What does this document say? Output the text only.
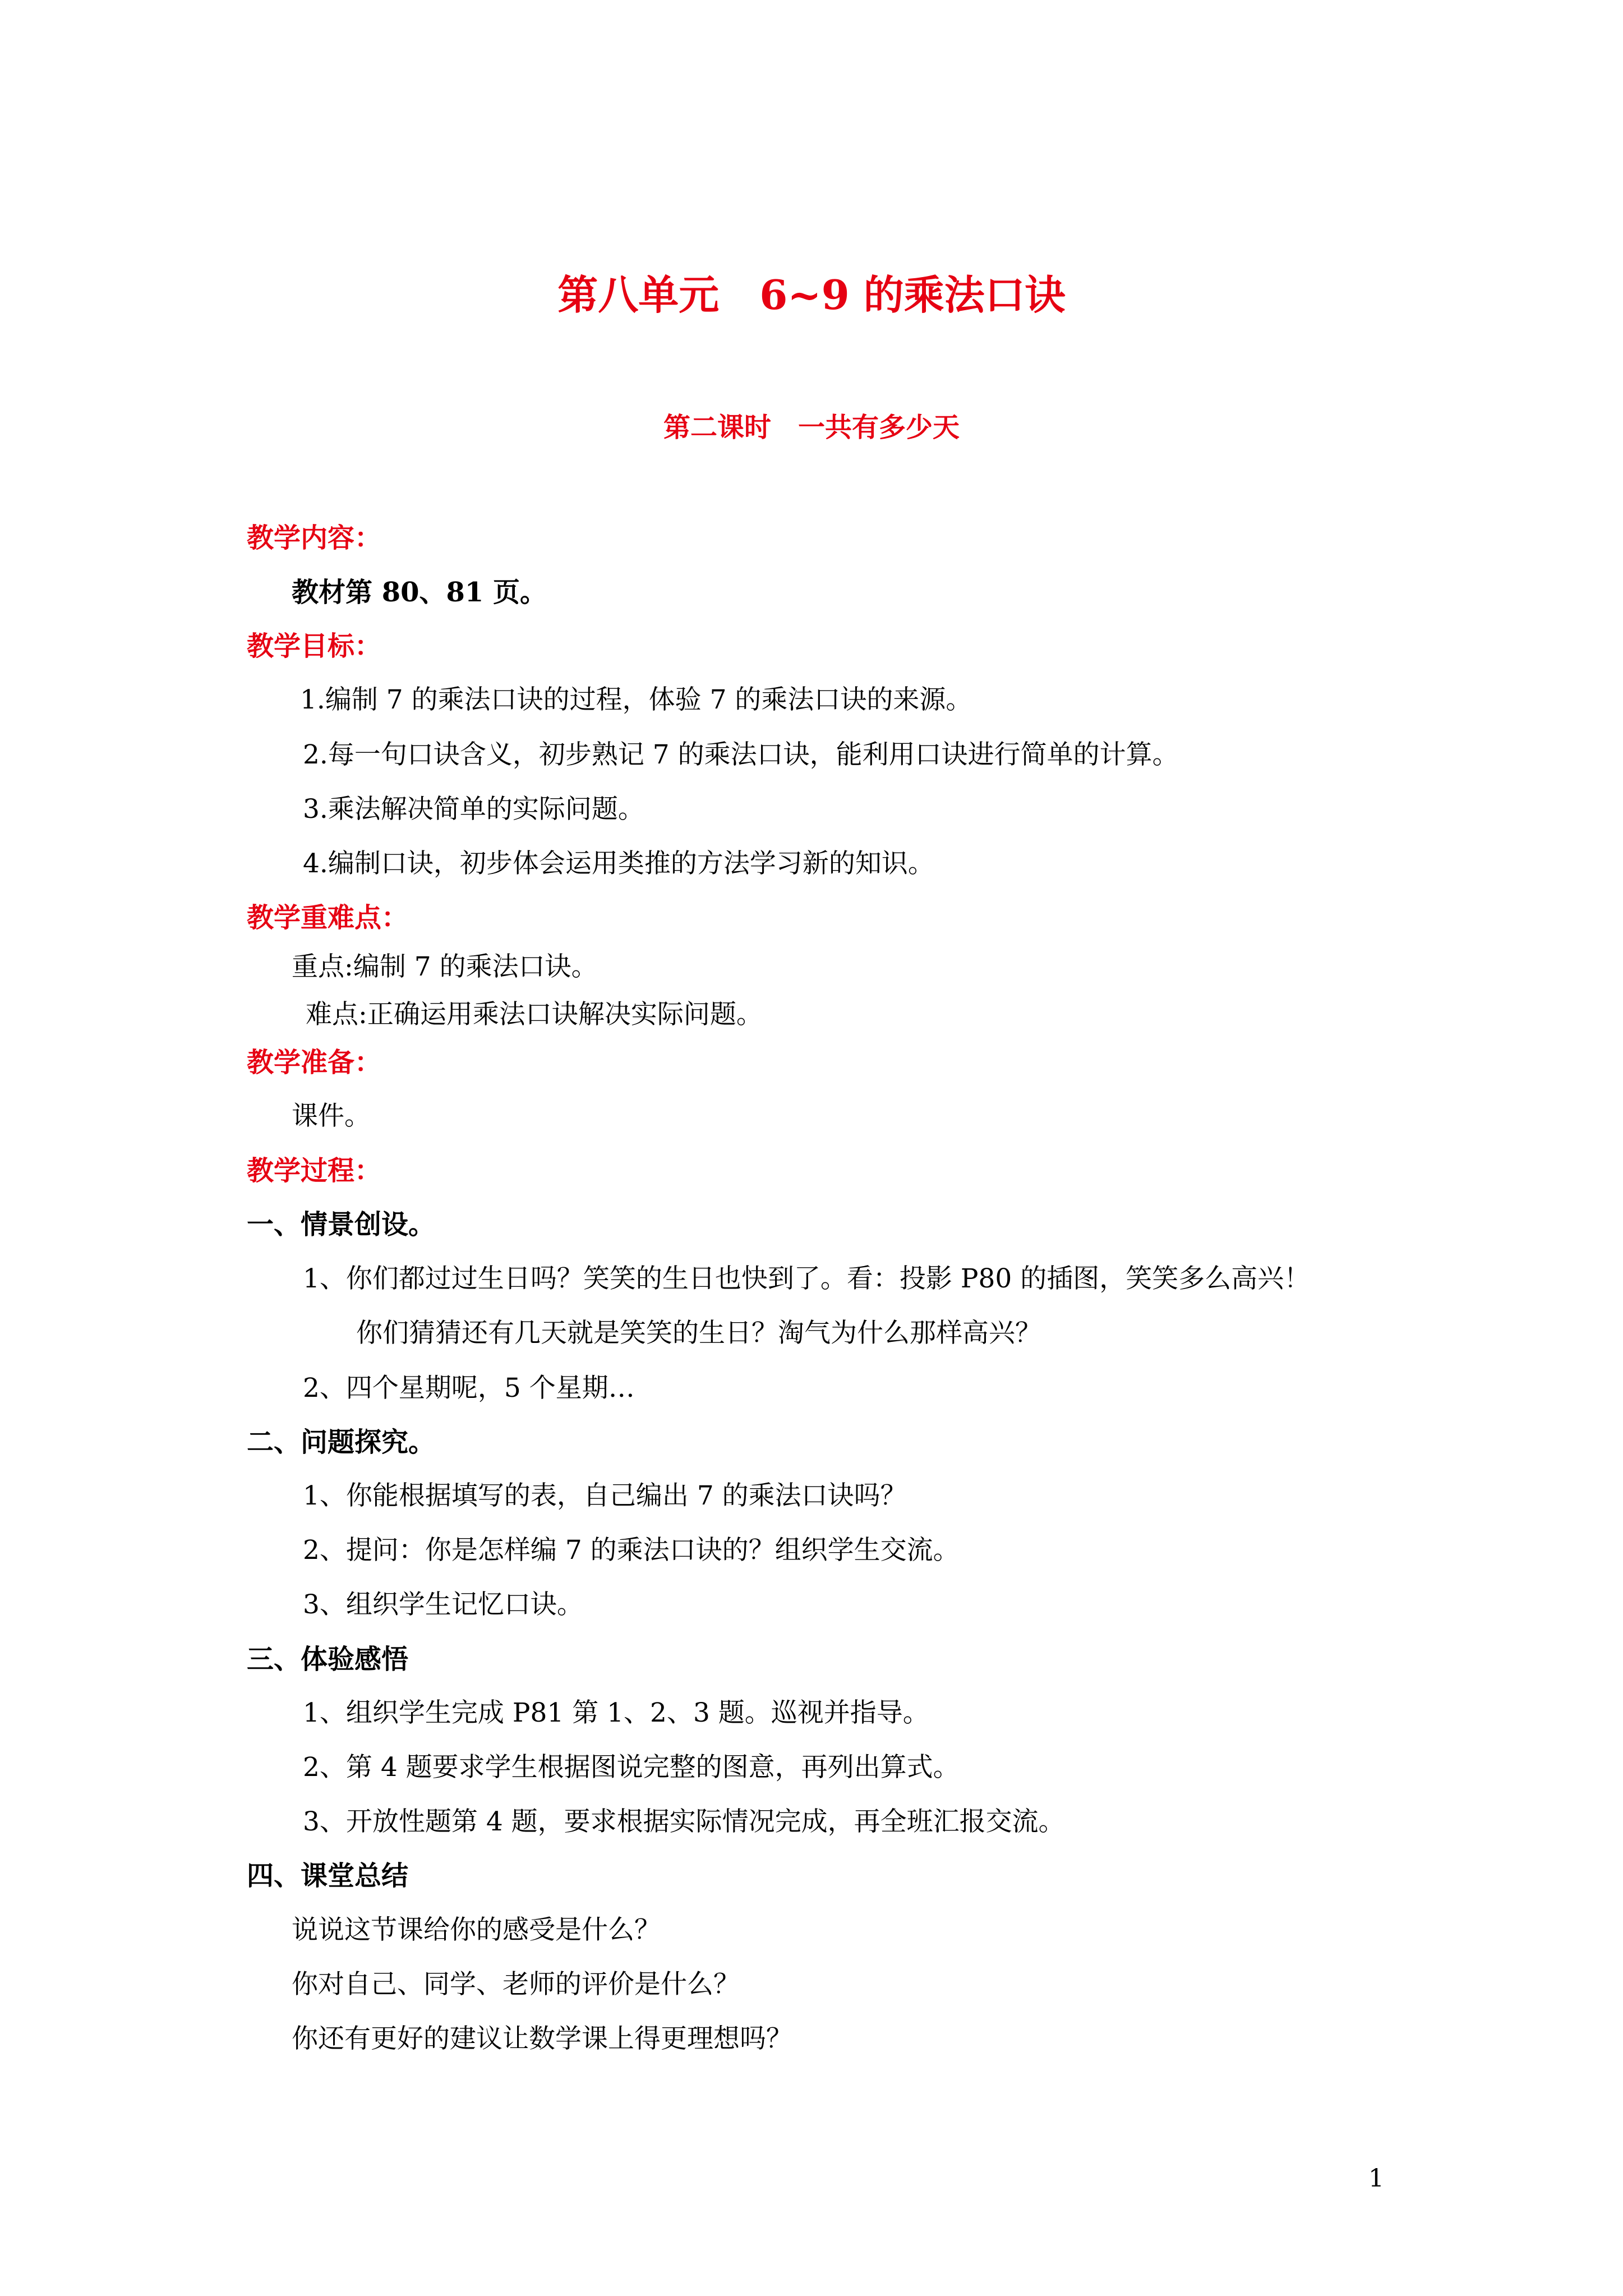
第八单元　6~9 的乘法口诀
第二课时　一共有多少天
教学内容：
教材第 80、81 页。
教学目标：
1.编制 7 的乘法口诀的过程，体验 7 的乘法口诀的来源。
2.每一句口诀含义，初步熟记 7 的乘法口诀，能利用口诀进行简单的计算。
3.乘法解决简单的实际问题。
4.编制口诀，初步体会运用类推的方法学习新的知识。
教学重难点：
重点:编制 7 的乘法口诀。
难点:正确运用乘法口诀解决实际问题。
教学准备：
课件。
教学过程：
一、情景创设。
1、你们都过过生日吗？笑笑的生日也快到了。看：投影 P80 的插图，笑笑多么高兴！
你们猜猜还有几天就是笑笑的生日？淘气为什么那样高兴？
2、四个星期呢，5 个星期…
二、问题探究。
1、你能根据填写的表，自己编出 7 的乘法口诀吗？
2、提问：你是怎样编 7 的乘法口诀的？组织学生交流。
3、组织学生记忆口诀。
三、体验感悟
1、组织学生完成 P81 第 1、2、3 题。巡视并指导。
2、第 4 题要求学生根据图说完整的图意，再列出算式。
3、开放性题第 4 题，要求根据实际情况完成，再全班汇报交流。
四、课堂总结
说说这节课给你的感受是什么？
你对自己、同学、老师的评价是什么？
你还有更好的建议让数学课上得更理想吗？
1
